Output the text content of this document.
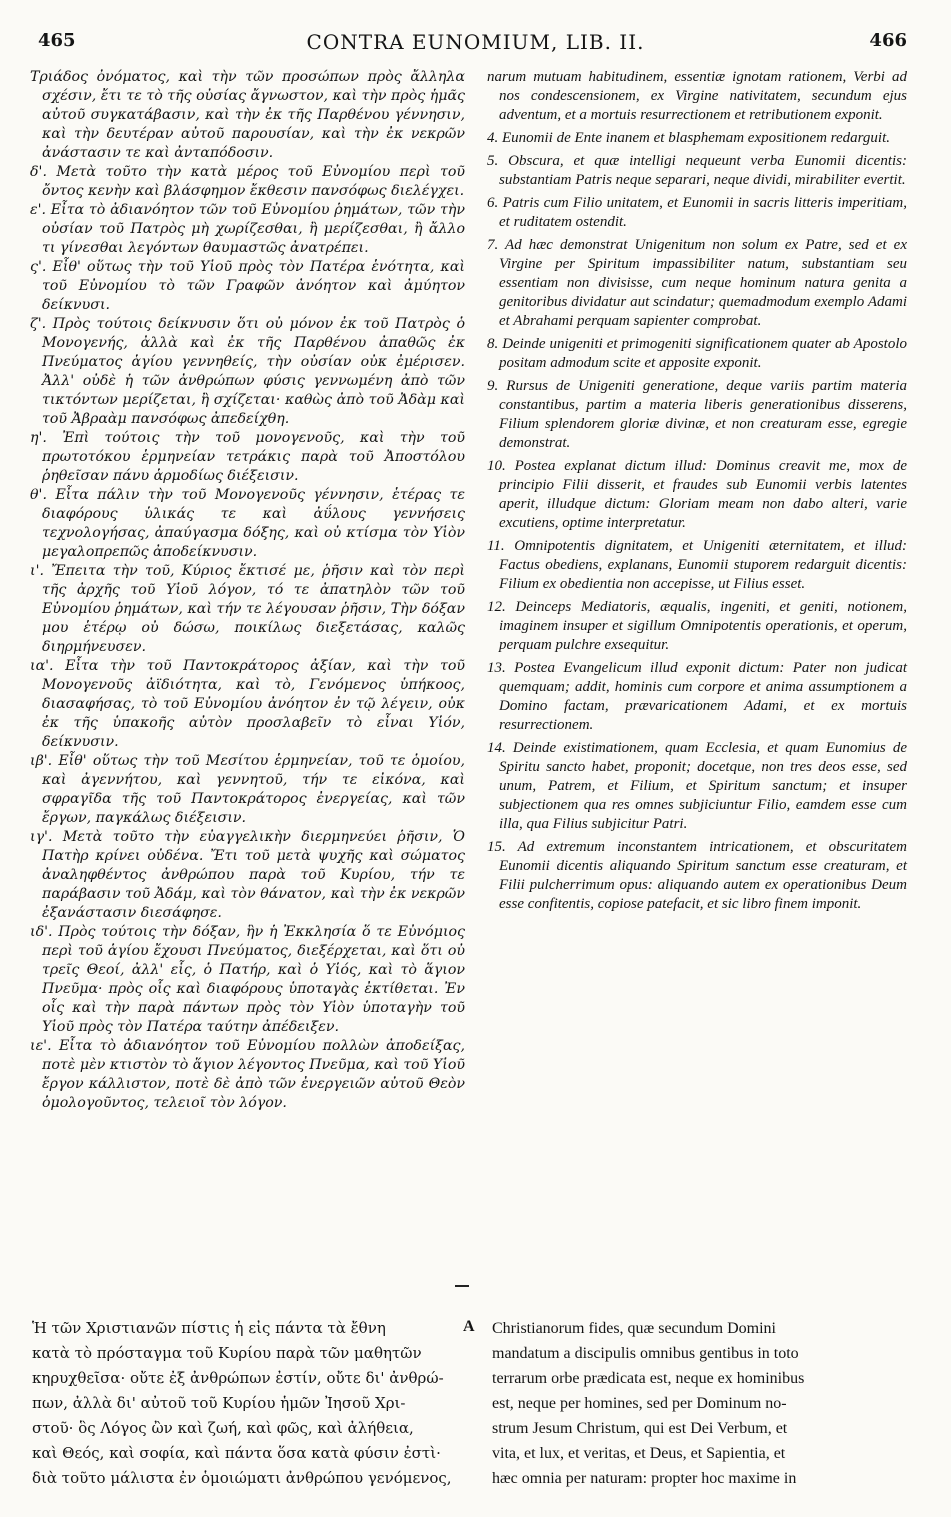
465	CONTRA EUNOMIUM, LIB. II.	466

Τριάδος ὀνόματος, καὶ τὴν τῶν προσώπων πρὸς ἄλληλα σχέσιν, ἔτι τε τὸ τῆς οὐσίας ἄγνωστον, καὶ τὴν πρὸς ἡμᾶς αὐτοῦ συγκατάβασιν, καὶ τὴν ἐκ τῆς Παρθένου γέννησιν, καὶ τὴν δευτέραν αὐτοῦ παρουσίαν, καὶ τὴν ἐκ νεκρῶν ἀνάστασιν τε καὶ ἀνταπόδοσιν.

δ'. Μετὰ τοῦτο τὴν κατὰ μέρος τοῦ Εὐνομίου περὶ τοῦ ὄντος κενὴν καὶ βλάσφημον ἔκθεσιν πανσόφως διελέγχει.

ε'. Εἶτα τὸ ἀδιανόητον τῶν τοῦ Εὐνομίου ῥημάτων, τῶν τὴν οὐσίαν τοῦ Πατρὸς μὴ χωρίζεσθαι, ἢ μερίζεσθαι, ἢ ἄλλο τι γίνεσθαι λεγόντων θαυμαστῶς ἀνατρέπει.

ς'. Εἶθ' οὕτως τὴν τοῦ Υἱοῦ πρὸς τὸν Πατέρα ἑνότητα, καὶ τοῦ Εὐνομίου τὸ τῶν Γραφῶν ἀνόητον καὶ ἀμύητον δείκνυσι.

ζ'. Πρὸς τούτοις δείκνυσιν ὅτι οὐ μόνον ἐκ τοῦ Πατρὸς ὁ Μονογενής, ἀλλὰ καὶ ἐκ τῆς Παρθένου ἀπαθῶς ἐκ Πνεύματος ἁγίου γεννηθείς, τὴν οὐσίαν οὐκ ἐμέρισεν. Ἀλλ' οὐδὲ ἡ τῶν ἀνθρώπων φύσις γεννωμένη ἀπὸ τῶν τικτόντων μερίζεται, ἢ σχίζεται· καθὼς ἀπὸ τοῦ Ἀδὰμ καὶ τοῦ Ἀβραὰμ πανσόφως ἀπεδείχθη.

η'. Ἐπὶ τούτοις τὴν τοῦ μονογενοῦς, καὶ τὴν τοῦ πρωτοτόκου ἑρμηνείαν τετράκις παρὰ τοῦ Ἀποστόλου ῥηθεῖσαν πάνυ ἁρμοδίως διέξεισιν.

θ'. Εἶτα πάλιν τὴν τοῦ Μονογενοῦς γέννησιν, ἑτέρας τε διαφόρους ὑλικάς τε καὶ ἀΰλους γεννήσεις τεχνολογήσας, ἀπαύγασμα δόξης, καὶ οὐ κτίσμα τὸν Υἱὸν μεγαλοπρεπῶς ἀποδείκνυσιν.

ι'. Ἔπειτα τὴν τοῦ, Κύριος ἔκτισέ με, ῥῆσιν καὶ τὸν περὶ τῆς ἀρχῆς τοῦ Υἱοῦ λόγον, τό τε ἀπατηλὸν τῶν τοῦ Εὐνομίου ῥημάτων, καὶ τήν τε λέγουσαν ῥῆσιν, Τὴν δόξαν μου ἑτέρῳ οὐ δώσω, ποικίλως διεξετάσας, καλῶς διηρμήνευσεν.

ια'. Εἶτα τὴν τοῦ Παντοκράτορος ἀξίαν, καὶ τὴν τοῦ Μονογενοῦς ἀϊδιότητα, καὶ τὸ, Γενόμενος ὑπήκοος, διασαφήσας, τὸ τοῦ Εὐνομίου ἀνόητον ἐν τῷ λέγειν, οὐκ ἐκ τῆς ὑπακοῆς αὐτὸν προσλαβεῖν τὸ εἶναι Υἱόν, δείκνυσιν.

ιβ'. Εἶθ' οὕτως τὴν τοῦ Μεσίτου ἑρμηνείαν, τοῦ τε ὁμοίου, καὶ ἀγεννήτου, καὶ γεννητοῦ, τήν τε εἰκόνα, καὶ σφραγῖδα τῆς τοῦ Παντοκράτορος ἐνεργείας, καὶ τῶν ἔργων, παγκάλως διέξεισιν.

ιγ'. Μετὰ τοῦτο τὴν εὐαγγελικὴν διερμηνεύει ῥῆσιν, Ὁ Πατὴρ κρίνει οὐδένα. Ἔτι τοῦ μετὰ ψυχῆς καὶ σώματος ἀναληφθέντος ἀνθρώπου παρὰ τοῦ Κυρίου, τήν τε παράβασιν τοῦ Ἀδάμ, καὶ τὸν θάνατον, καὶ τὴν ἐκ νεκρῶν ἐξανάστασιν διεσάφησε.

ιδ'. Πρὸς τούτοις τὴν δόξαν, ἣν ἡ Ἐκκλησία ὅ τε Εὐνόμιος περὶ τοῦ ἁγίου ἔχουσι Πνεύματος, διεξέρχεται, καὶ ὅτι οὐ τρεῖς Θεοί, ἀλλ' εἷς, ὁ Πατήρ, καὶ ὁ Υἱός, καὶ τὸ ἅγιον Πνεῦμα· πρὸς οἷς καὶ διαφόρους ὑποταγὰς ἐκτίθεται. Ἐν οἷς καὶ τὴν παρὰ πάντων πρὸς τὸν Υἱὸν ὑποταγὴν τοῦ Υἱοῦ πρὸς τὸν Πατέρα ταύτην ἀπέδειξεν.

ιε'. Εἶτα τὸ ἀδιανόητον τοῦ Εὐνομίου πολλὼν ἀποδείξας, ποτὲ μὲν κτιστὸν τὸ ἅγιον λέγοντος Πνεῦμα, καὶ τοῦ Υἱοῦ ἔργον κάλλιστον, ποτὲ δὲ ἀπὸ τῶν ἐνεργειῶν αὐτοῦ Θεὸν ὁμολογοῦντος, τελειοῖ τὸν λόγον.

narum mutuam habitudinem, essentiæ ignotam rationem, Verbi ad nos condescensionem, ex Virgine nativitatem, secundum ejus adventum, et a mortuis resurrectionem et retributionem exponit.

4. Eunomii de Ente inanem et blasphemam expositionem redarguit.

5. Obscura, et quæ intelligi nequeunt verba Eunomii dicentis: substantiam Patris neque separari, neque dividi, mirabiliter evertit.

6. Patris cum Filio unitatem, et Eunomii in sacris litteris imperitiam, et ruditatem ostendit.

7. Ad hæc demonstrat Unigenitum non solum ex Patre, sed et ex Virgine per Spiritum impassibiliter natum, substantiam seu essentiam non divisisse, cum neque hominum natura genita a genitoribus dividatur aut scindatur; quemadmodum exemplo Adami et Abrahami perquam sapienter comprobat.

8. Deinde unigeniti et primogeniti significationem quater ab Apostolo positam admodum scite et apposite exponit.

9. Rursus de Unigeniti generatione, deque variis partim materia constantibus, partim a materia liberis generationibus disserens, Filium splendorem gloriæ divinæ, et non creaturam esse, egregie demonstrat.

10. Postea explanat dictum illud: Dominus creavit me, mox de principio Filii disserit, et fraudes sub Eunomii verbis latentes aperit, illudque dictum: Gloriam meam non dabo alteri, varie excutiens, optime interpretatur.

11. Omnipotentis dignitatem, et Unigeniti æternitatem, et illud: Factus obediens, explanans, Eunomii stuporem redarguit dicentis: Filium ex obedientia non accepisse, ut Filius esset.

12. Deinceps Mediatoris, æqualis, ingeniti, et geniti, notionem, imaginem insuper et sigillum Omnipotentis operationis, et operum, perquam pulchre exsequitur.

13. Postea Evangelicum illud exponit dictum: Pater non judicat quemquam; addit, hominis cum corpore et anima assumptionem a Domino factam, prævaricationem Adami, et ex mortuis resurrectionem.

14. Deinde existimationem, quam Ecclesia, et quam Eunomius de Spiritu sancto habet, proponit; docetque, non tres deos esse, sed unum, Patrem, et Filium, et Spiritum sanctum; et insuper subjectionem qua res omnes subjiciuntur Filio, eamdem esse cum illa, qua Filius subjicitur Patri.

15. Ad extremum inconstantem intricationem, et obscuritatem Eunomii dicentis aliquando Spiritum sanctum esse creaturam, et Filii pulcherrimum opus: aliquando autem ex operationibus Deum esse confitentis, copiose patefacit, et sic libro finem imponit.

Ἡ τῶν Χριστιανῶν πίστις ἡ εἰς πάντα τὰ ἔθνη
κατὰ τὸ πρόσταγμα τοῦ Κυρίου παρὰ τῶν μαθητῶν
κηρυχθεῖσα· οὔτε ἐξ ἀνθρώπων ἐστίν, οὔτε δι' ἀνθρώ-
πων, ἀλλὰ δι' αὐτοῦ τοῦ Κυρίου ἡμῶν Ἰησοῦ Χρι-
στοῦ· ὃς Λόγος ὢν καὶ ζωή, καὶ φῶς, καὶ ἀλήθεια,
καὶ Θεός, καὶ σοφία, καὶ πάντα ὅσα κατὰ φύσιν ἐστὶ·
διὰ τοῦτο μάλιστα ἐν ὁμοιώματι ἀνθρώπου γενόμενος,
A Christianorum fides, quæ secundum Domini
mandatum a discipulis omnibus gentibus in toto
terrarum orbe prædicata est, neque ex hominibus
est, neque per homines, sed per Dominum no-
strum Jesum Christum, qui est Dei Verbum, et
vita, et lux, et veritas, et Deus, et Sapientia, et
hæc omnia per naturam: propter hoc maxime in
